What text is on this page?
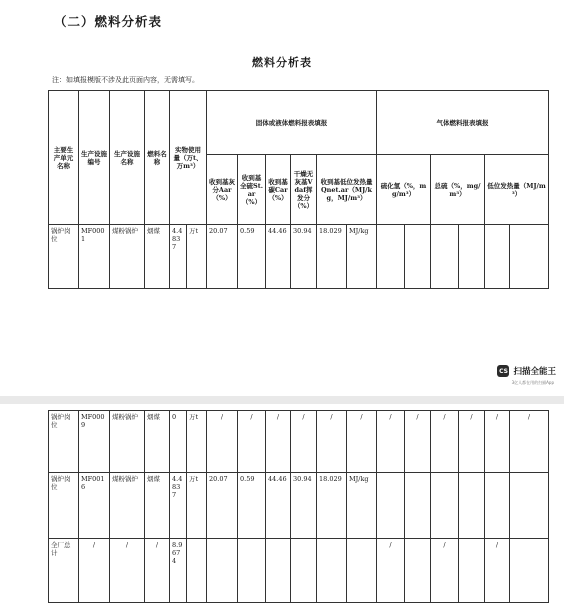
（二）燃料分析表
燃料分析表
注：如填报模版不涉及此页面内容，无需填写。
主要生产单元名称	生产设施编号	生产设施名称	燃料名称	实物使用量（万t、万m³）		固体或液体燃料报表填报						气体燃料报表填报					
						收到基灰分Aar（%）	收到基全硫St.ar（%）	收到基碳Car（%）	干燥无灰基Vdaf挥发分（%）	收到基低位发热量Qnet.ar（MJ/kg，MJ/m³）		硫化氢（%，mg/m³）		总硫（%，mg/m³）		低位发热量（MJ/m³）	
锅炉岗位	MF0001	煤粉锅炉	烟煤	4.4837	万t	20.07	0.59	44.46	30.94	18.029	MJ/kg						
CS 扫描全能王
3亿人都在用的扫描App
锅炉岗位	MF0009	煤粉锅炉	烟煤	0	万t	/	/	/	/	/	/	/	/	/	/	/	/
锅炉岗位	MF0016	煤粉锅炉	烟煤	4.4837	万t	20.07	0.59	44.46	30.94	18.029	MJ/kg						
全厂总计	/	/	/	8.9674								/		/		/	
